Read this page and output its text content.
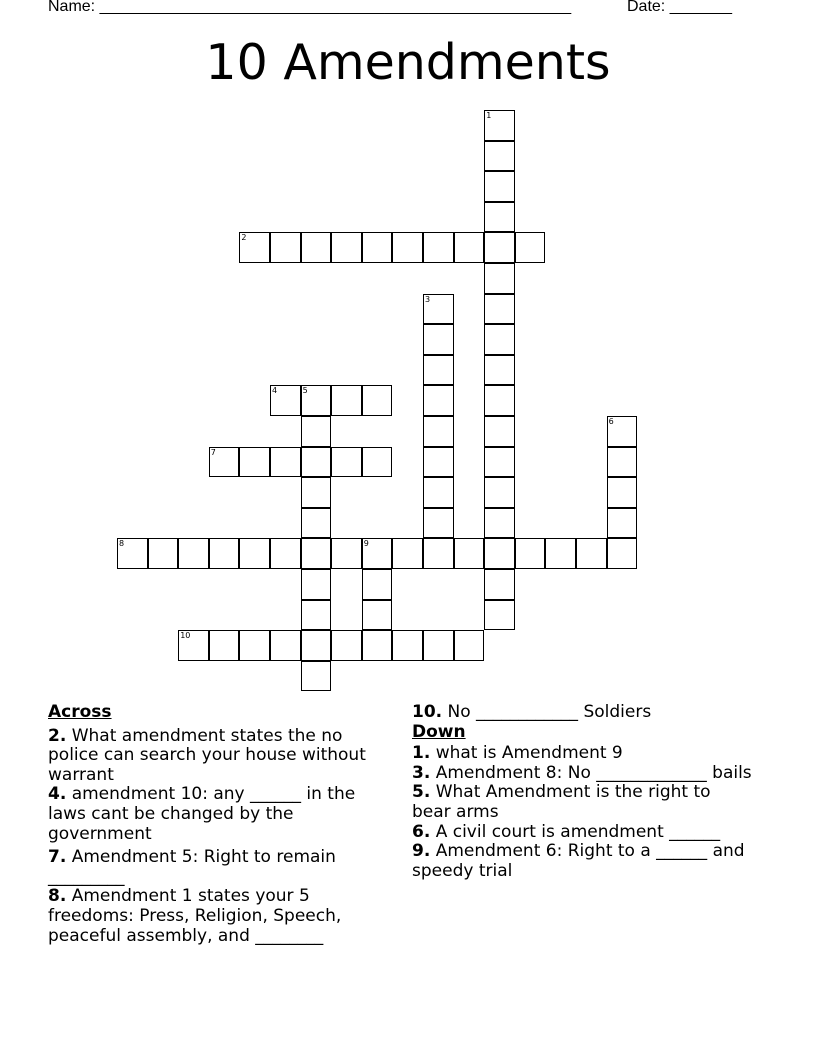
Name: _____________________________________________________	Date: _______
10 Amendments
1
2
3
4	5
6
7
8	9
10
Across

2. What amendment states the no police can search your house without warrant

4. amendment 10: any ______ in the laws cant be changed by the government

7. Amendment 5: Right to remain _________

8. Amendment 1 states your 5 freedoms: Press, Religion, Speech, peaceful assembly, and ________

10. No ____________ Soldiers

Down

1. what is Amendment 9

3. Amendment 8: No _____________ bails

5. What Amendment is the right to bear arms

6. A civil court is amendment ______

9. Amendment 6: Right to a ______ and speedy trial
